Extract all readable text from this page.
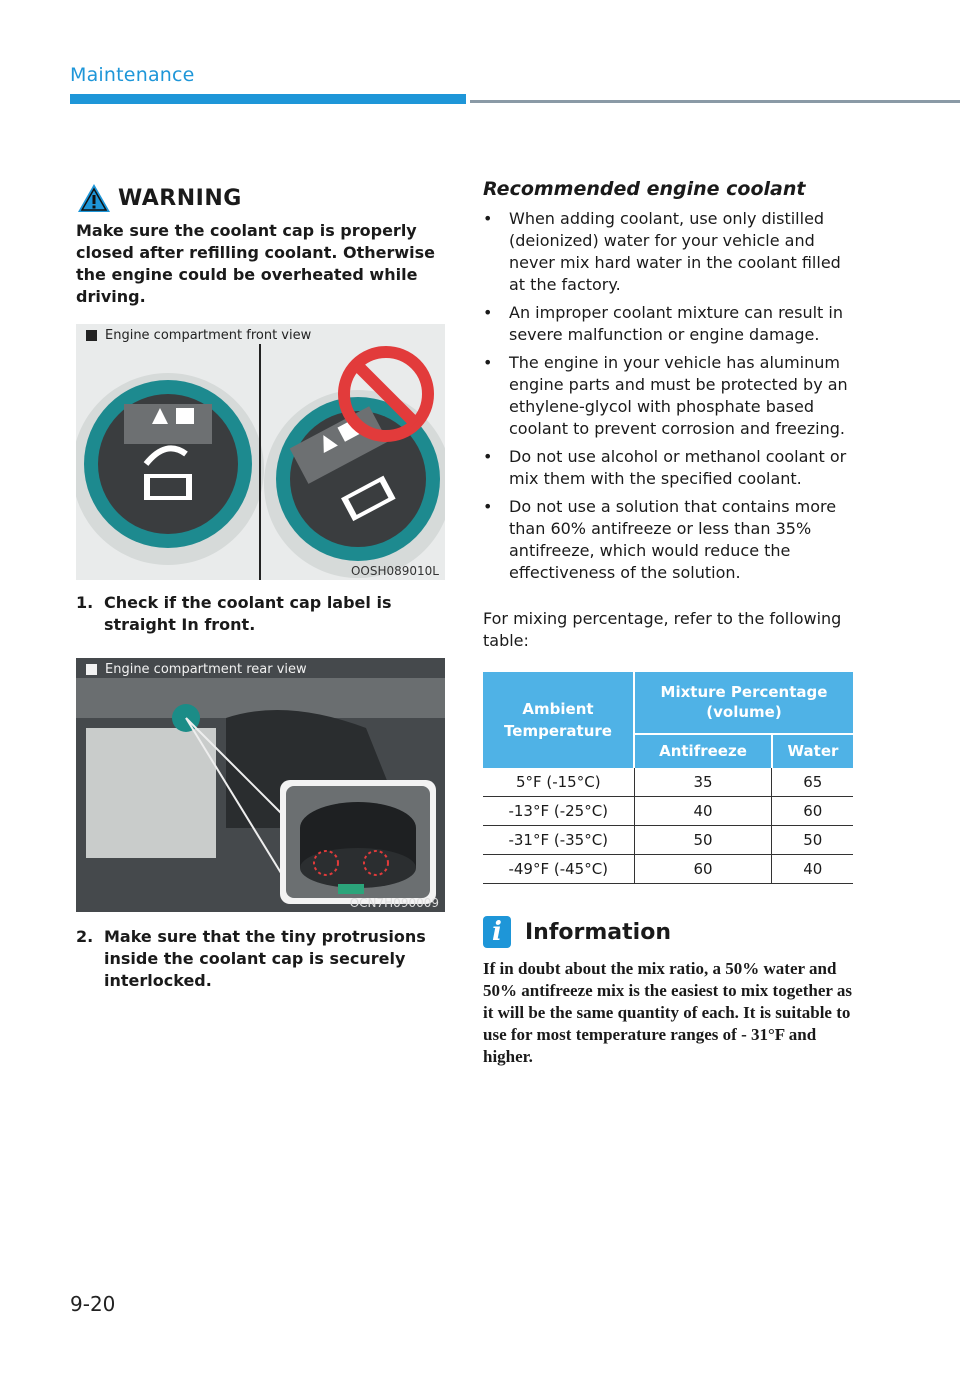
Maintenance
WARNING
Make sure the coolant cap is properly closed after refilling coolant. Otherwise the engine could be overheated while driving.
Engine compartment front view
OOSH089010L
1. Check if the coolant cap label is straight In front.
Engine compartment rear view
OCN7H090009
2. Make sure that the tiny protrusions inside the coolant cap is securely interlocked.
Recommended engine coolant
•	When adding coolant, use only distilled (deionized) water for your vehicle and never mix hard water in the coolant filled at the factory.
•	An improper coolant mixture can result in severe malfunction or engine damage.
•	The engine in your vehicle has aluminum engine parts and must be protected by an ethylene-glycol with phosphate based coolant to prevent corrosion and freezing.
•	Do not use alcohol or methanol coolant or mix them with the specified coolant.
•	Do not use a solution that contains more than 60% antifreeze or less than 35% antifreeze, which would reduce the effectiveness of the solution.
For mixing percentage, refer to the following table:
Ambient Temperature	Mixture Percentage (volume)	
	Antifreeze	Water
5°F (-15°C)	35	65
-13°F (-25°C)	40	60
-31°F (-35°C)	50	50
-49°F (-45°C)	60	40
i	Information
If in doubt about the mix ratio, a 50% water and 50% antifreeze mix is the easiest to mix together as it will be the same quantity of each. It is suitable to use for most temperature ranges of - 31°F and higher.
9-20
